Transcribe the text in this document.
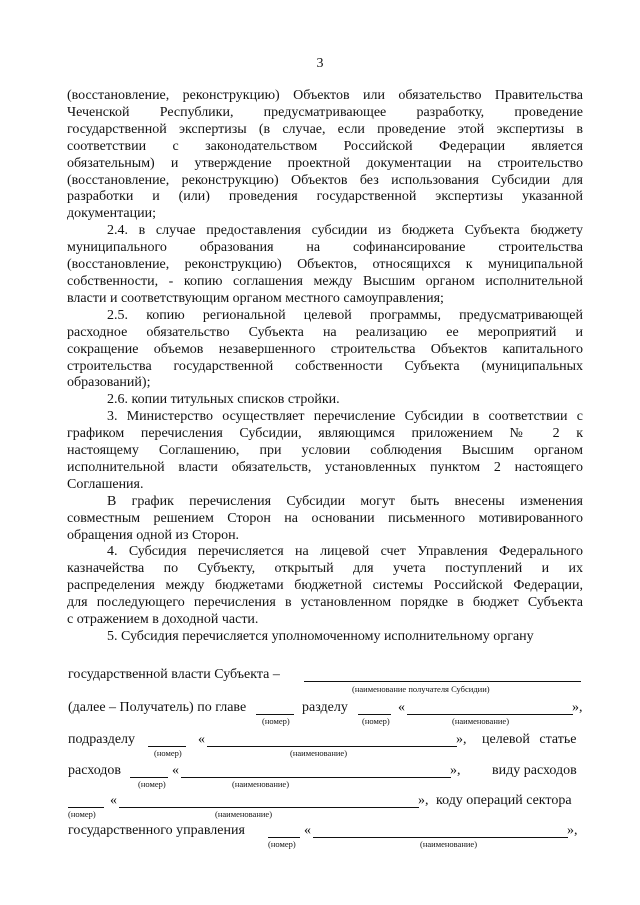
3
(восстановление, реконструкцию) Объектов или обязательство Правительства
Чеченской Республики, предусматривающее разработку, проведение
государственной экспертизы (в случае, если проведение этой экспертизы в
соответствии с законодательством Российской Федерации является
обязательным) и утверждение проектной документации на строительство
(восстановление, реконструкцию) Объектов без использования Субсидии для
разработки и (или) проведения государственной экспертизы указанной
документации;
2.4. в случае предоставления субсидии из бюджета Субъекта бюджету
муниципального образования на софинансирование строительства
(восстановление, реконструкцию) Объектов, относящихся к муниципальной
собственности, - копию соглашения между Высшим органом исполнительной
власти и соответствующим органом местного самоуправления;
2.5. копию региональной целевой программы, предусматривающей
расходное обязательство Субъекта на реализацию ее мероприятий и
сокращение объемов незавершенного строительства Объектов капитального
строительства государственной собственности Субъекта (муниципальных
образований);
2.6. копии титульных списков стройки.
3. Министерство осуществляет перечисление Субсидии в соответствии с
графиком перечисления Субсидии, являющимся приложением № 2 к
настоящему Соглашению, при условии соблюдения Высшим органом
исполнительной власти обязательств, установленных пунктом 2 настоящего
Соглашения.
В график перечисления Субсидии могут быть внесены изменения
совместным решением Сторон на основании письменного мотивированного
обращения одной из Сторон.
4. Субсидия перечисляется на лицевой счет Управления Федерального
казначейства по Субъекту, открытый для учета поступлений и их
распределения между бюджетами бюджетной системы Российской Федерации,
для последующего перечисления в установленном порядке в бюджет Субъекта
с отражением в доходной части.
5. Субсидия перечисляется уполномоченному исполнительному органу
государственной власти Субъекта –
(наименование получателя Субсидии)
(далее – Получатель) по главе	разделу	«	»,
(номер)	(номер)	(наименование)
подразделу	«	», целевой статье
(номер)	(наименование)
расходов	«	», виду расходов
(номер)	(наименование)
«	», коду операций сектора
(номер)	(наименование)
государственного управления	«	»,
(номер)	(наименование)
